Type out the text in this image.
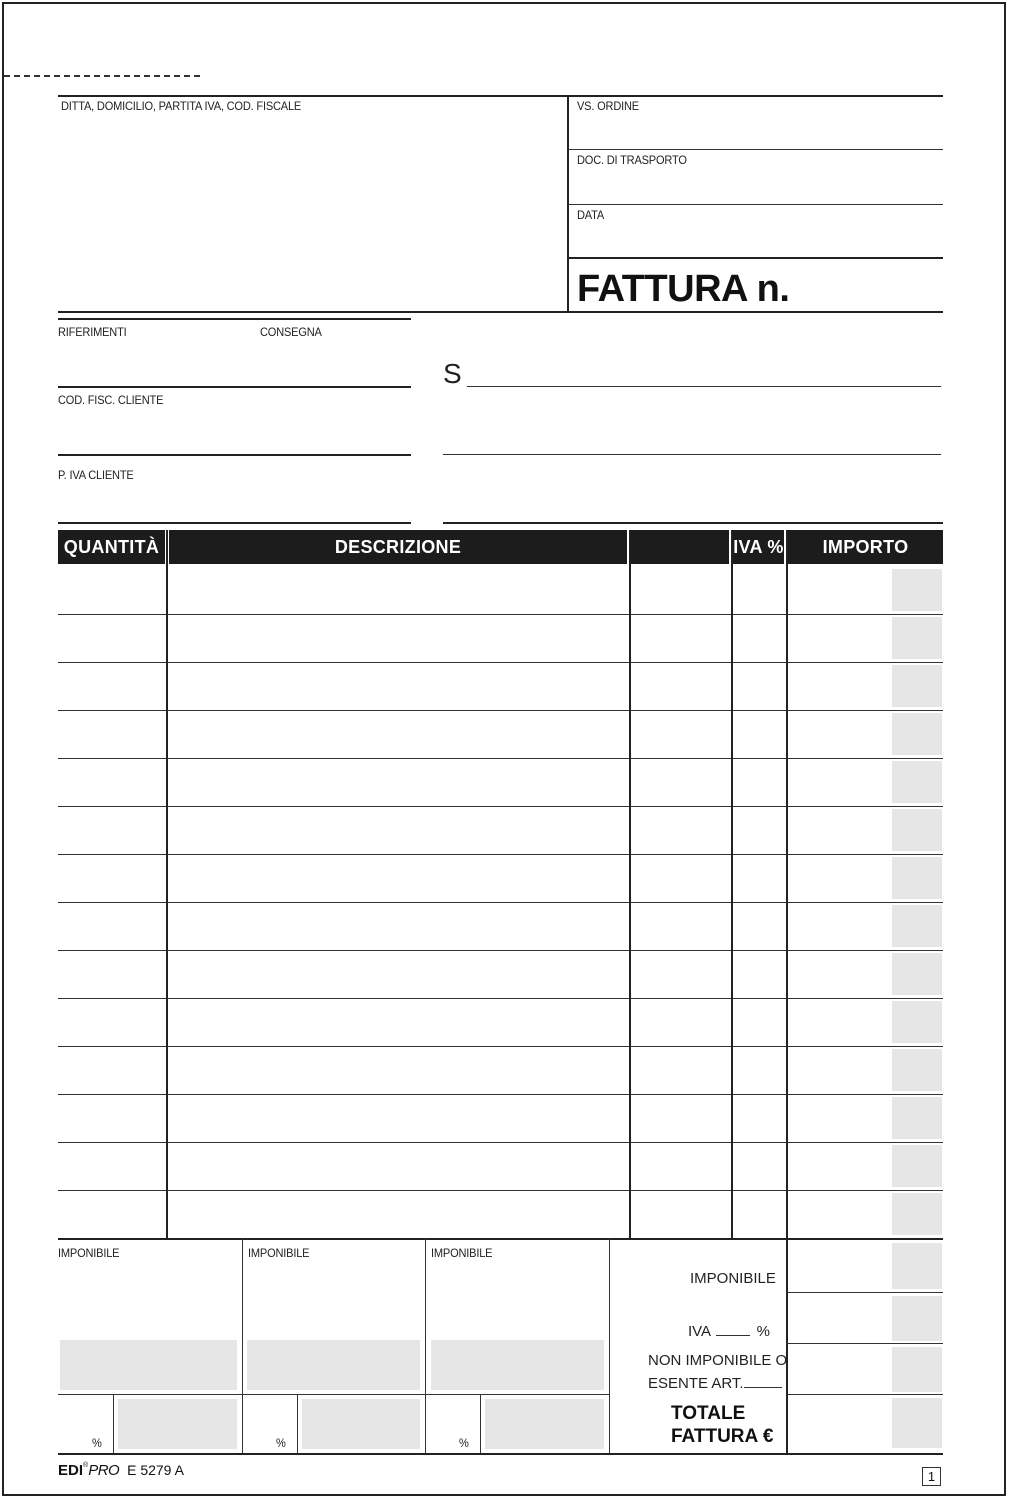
DITTA, DOMICILIO, PARTITA IVA, COD. FISCALE	VS. ORDINE
DOC. DI TRASPORTO
DATA
FATTURA n.
RIFERIMENTI	CONSEGNA
COD. FISC. CLIENTE
P. IVA CLIENTE
S
QUANTITÀ	DESCRIZIONE	IVA %	IMPORTO
IMPONIBILE	IMPONIBILE	IMPONIBILE
%	%	%
IMPONIBILE
IVA	%
NON IMPONIBILE O
ESENTE ART.
TOTALE
FATTURA €
EDI®PRO E 5279 A	1
